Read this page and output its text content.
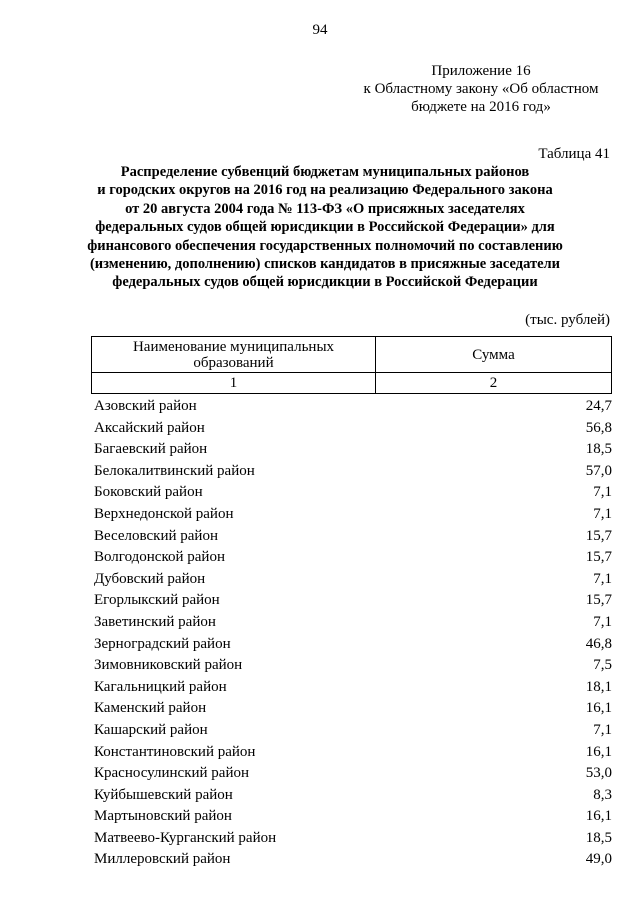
94
Приложение 16
к Областному закону «Об областном
бюджете на 2016 год»
Таблица 41
Распределение субвенций бюджетам муниципальных районов
и городских округов на 2016 год на реализацию Федерального закона
от 20 августа 2004 года № 113-ФЗ «О присяжных заседателях
федеральных судов общей юрисдикции в Российской Федерации» для
финансового обеспечения государственных полномочий по составлению
(изменению, дополнению) списков кандидатов в присяжные заседатели
федеральных судов общей юрисдикции в Российской Федерации
(тыс. рублей)
Наименование муниципальных
образований	Сумма
1	2
Азовский район	24,7
Аксайский район	56,8
Багаевский район	18,5
Белокалитвинский район	57,0
Боковский район	7,1
Верхнедонской район	7,1
Веселовский район	15,7
Волгодонской район	15,7
Дубовский район	7,1
Егорлыкский район	15,7
Заветинский район	7,1
Зерноградский район	46,8
Зимовниковский район	7,5
Кагальницкий район	18,1
Каменский район	16,1
Кашарский район	7,1
Константиновский район	16,1
Красносулинский район	53,0
Куйбышевский район	8,3
Мартыновский район	16,1
Матвеево-Курганский район	18,5
Миллеровский район	49,0
